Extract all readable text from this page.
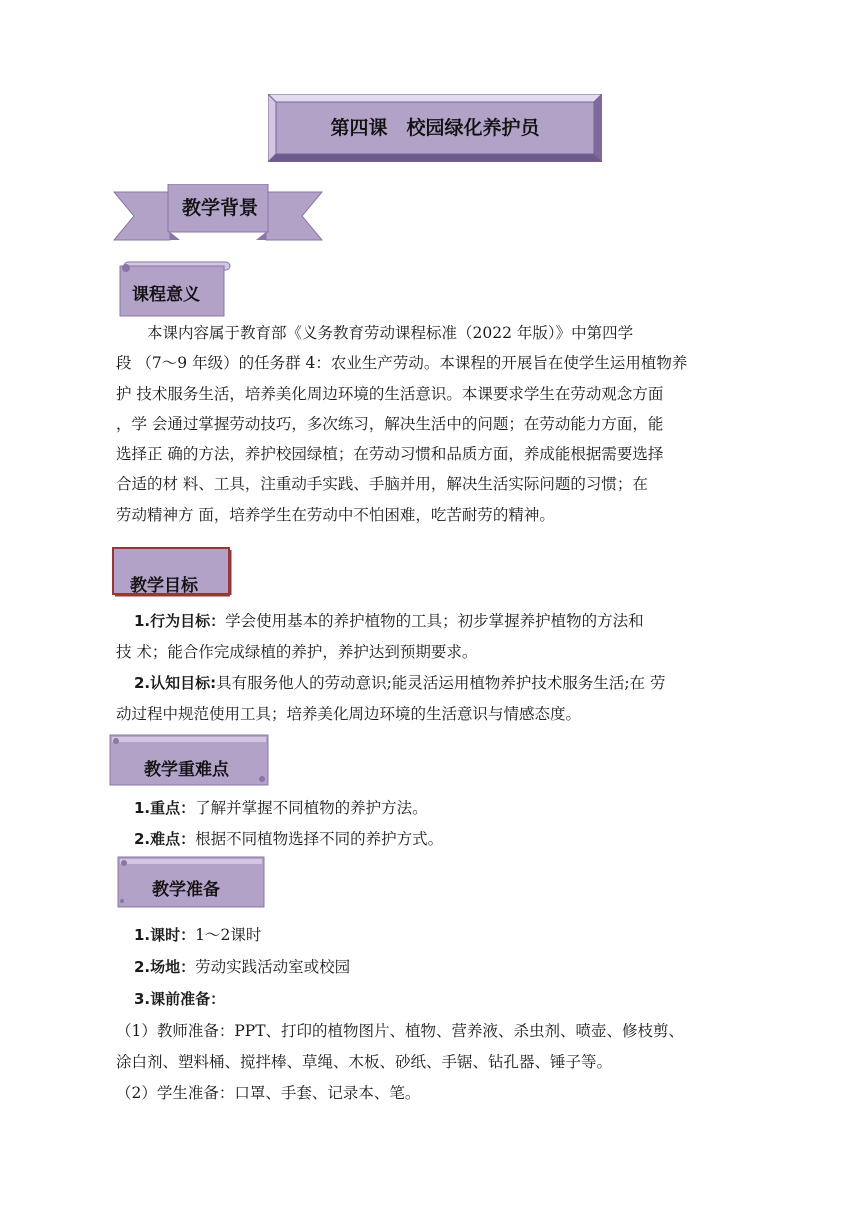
第四课　校园绿化养护员
教学背景
课程意义
本课内容属于教育部《义务教育劳动课程标准（2022 年版）》中第四学
段 （7～9 年级）的任务群 4：农业生产劳动。本课程的开展旨在使学生运用植物养
护 技术服务生活，培养美化周边环境的生活意识。本课要求学生在劳动观念方面
，学 会通过掌握劳动技巧，多次练习，解决生活中的问题；在劳动能力方面，能
选择正 确的方法，养护校园绿植；在劳动习惯和品质方面，养成能根据需要选择
合适的材 料、工具，注重动手实践、手脑并用，解决生活实际问题的习惯；在
劳动精神方 面，培养学生在劳动中不怕困难，吃苦耐劳的精神。
教学目标
1.行为目标：学会使用基本的养护植物的工具；初步掌握养护植物的方法和
技 术；能合作完成绿植的养护，养护达到预期要求。
2.认知目标:具有服务他人的劳动意识;能灵活运用植物养护技术服务生活;在 劳
动过程中规范使用工具；培养美化周边环境的生活意识与情感态度。
教学重难点
1.重点：了解并掌握不同植物的养护方法。
2.难点：根据不同植物选择不同的养护方式。
教学准备
1.课时：1～2课时
2.场地：劳动实践活动室或校园
3.课前准备：
（1）教师准备：PPT、打印的植物图片、植物、营养液、杀虫剂、喷壶、修枝剪、
涂白剂、塑料桶、搅拌棒、草绳、木板、砂纸、手锯、钻孔器、锤子等。
（2）学生准备：口罩、手套、记录本、笔。
